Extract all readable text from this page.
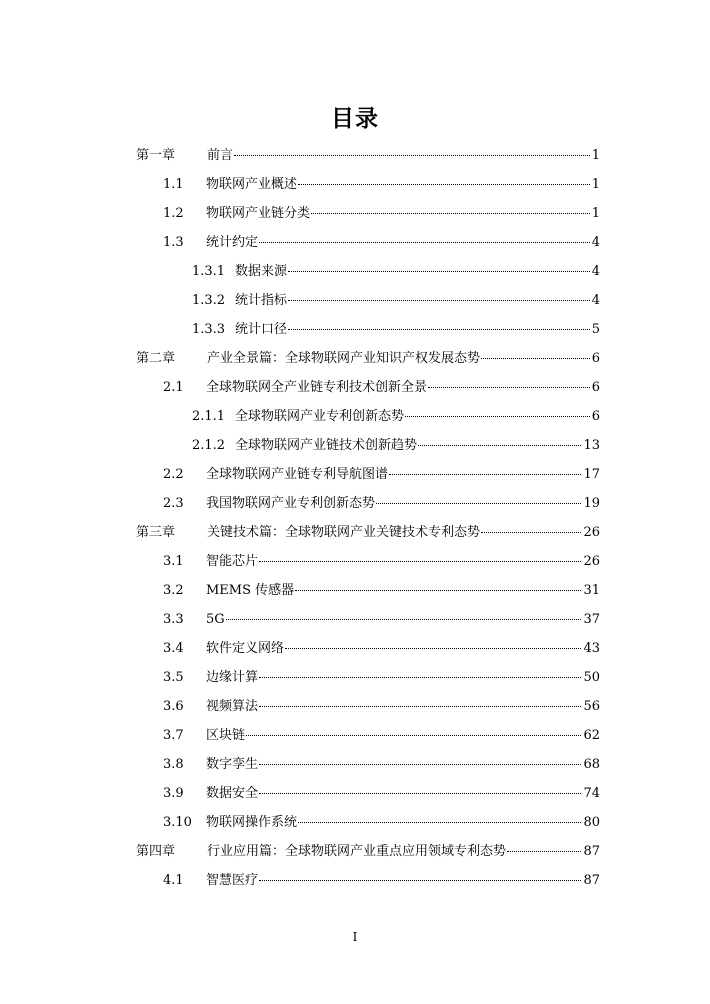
目录
第一章	前言	1
1.1	物联网产业概述	1
1.2	物联网产业链分类	1
1.3	统计约定	4
1.3.1 数据来源	4
1.3.2 统计指标	4
1.3.3 统计口径	5
第二章	产业全景篇：全球物联网产业知识产权发展态势	6
2.1	全球物联网全产业链专利技术创新全景	6
2.1.1 全球物联网产业专利创新态势	6
2.1.2 全球物联网产业链技术创新趋势	13
2.2	全球物联网产业链专利导航图谱	17
2.3	我国物联网产业专利创新态势	19
第三章	关键技术篇：全球物联网产业关键技术专利态势	26
3.1	智能芯片	26
3.2	MEMS 传感器	31
3.3	5G	37
3.4	软件定义网络	43
3.5	边缘计算	50
3.6	视频算法	56
3.7	区块链	62
3.8	数字孪生	68
3.9	数据安全	74
3.10	物联网操作系统	80
第四章	行业应用篇：全球物联网产业重点应用领域专利态势	87
4.1	智慧医疗	87
I
